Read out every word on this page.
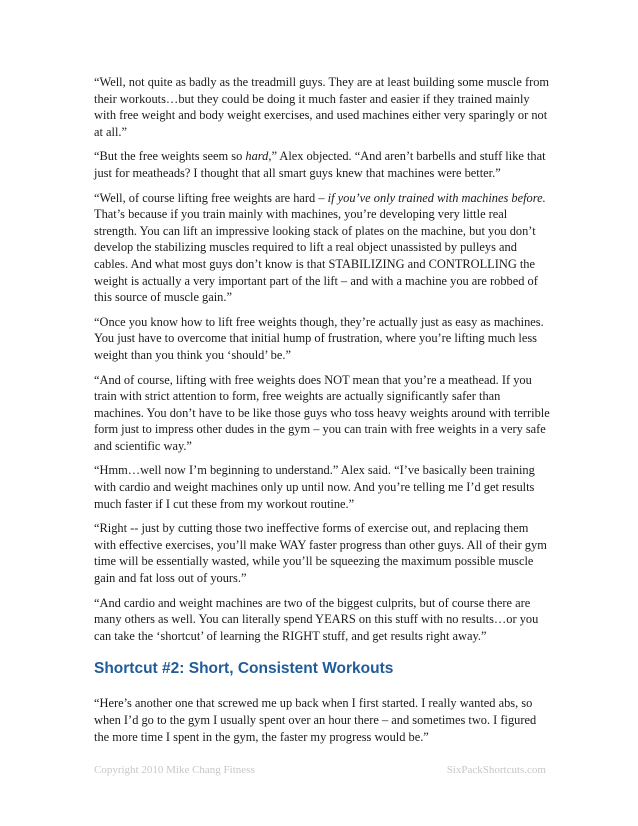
“Well, not quite as badly as the treadmill guys. They are at least building some muscle from their workouts…but they could be doing it much faster and easier if they trained mainly with free weight and body weight exercises, and used machines either very sparingly or not at all.”

“But the free weights seem so hard,” Alex objected. “And aren’t barbells and stuff like that just for meatheads? I thought that all smart guys knew that machines were better.”

“Well, of course lifting free weights are hard – if you’ve only trained with machines before. That’s because if you train mainly with machines, you’re developing very little real strength. You can lift an impressive looking stack of plates on the machine, but you don’t develop the stabilizing muscles required to lift a real object unassisted by pulleys and cables. And what most guys don’t know is that STABILIZING and CONTROLLING the weight is actually a very important part of the lift – and with a machine you are robbed of this source of muscle gain.”

“Once you know how to lift free weights though, they’re actually just as easy as machines. You just have to overcome that initial hump of frustration, where you’re lifting much less weight than you think you ‘should’ be.”

“And of course, lifting with free weights does NOT mean that you’re a meathead. If you train with strict attention to form, free weights are actually significantly safer than machines. You don’t have to be like those guys who toss heavy weights around with terrible form just to impress other dudes in the gym – you can train with free weights in a very safe and scientific way.”

“Hmm…well now I’m beginning to understand.” Alex said. “I’ve basically been training with cardio and weight machines only up until now. And you’re telling me I’d get results much faster if I cut these from my workout routine.”

“Right -- just by cutting those two ineffective forms of exercise out, and replacing them with effective exercises, you’ll make WAY faster progress than other guys. All of their gym time will be essentially wasted, while you’ll be squeezing the maximum possible muscle gain and fat loss out of yours.”

“And cardio and weight machines are two of the biggest culprits, but of course there are many others as well. You can literally spend YEARS on this stuff with no results…or you can take the ‘shortcut’ of learning the RIGHT stuff, and get results right away.”

Shortcut #2: Short, Consistent Workouts

“Here’s another one that screwed me up back when I first started. I really wanted abs, so when I’d go to the gym I usually spent over an hour there – and sometimes two. I figured the more time I spent in the gym, the faster my progress would be.”

Copyright 2010 Mike Chang Fitness	SixPackShortcuts.com
